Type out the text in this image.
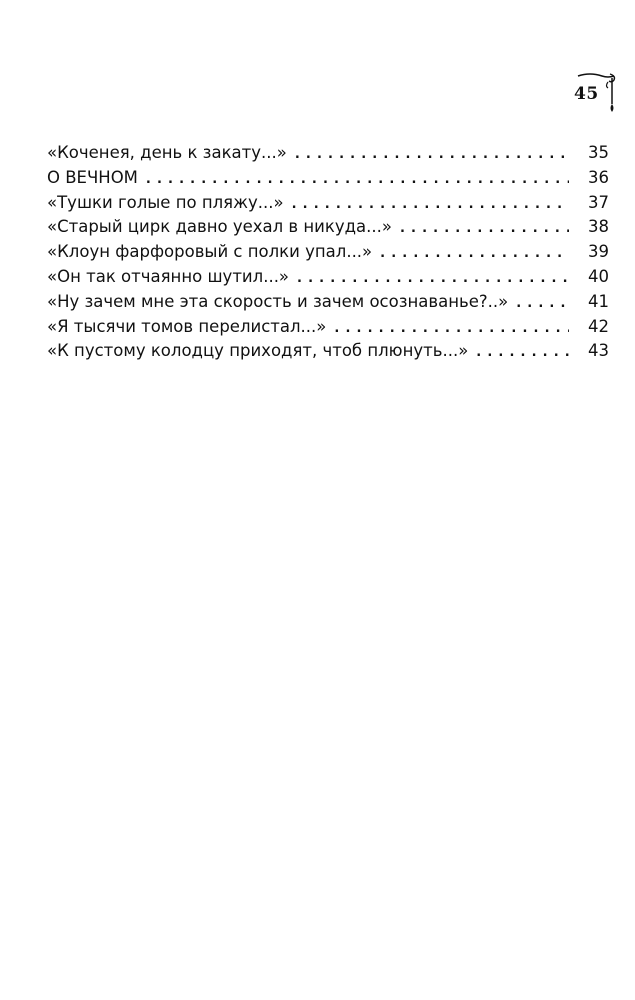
45
«Коченея, день к закату...» . . .	35
О ВЕЧНОМ . . .	36
«Тушки голые по пляжу...» . . .	37
«Старый цирк давно уехал в никуда...» . . .	38
«Клоун фарфоровый с полки упал...» . . .	39
«Он так отчаянно шутил...» . . .	40
«Ну зачем мне эта скорость и зачем осознаванье?..» . . .	41
«Я тысячи томов перелистал...» . . .	42
«К пустому колодцу приходят, чтоб плюнуть...» . . .	43
